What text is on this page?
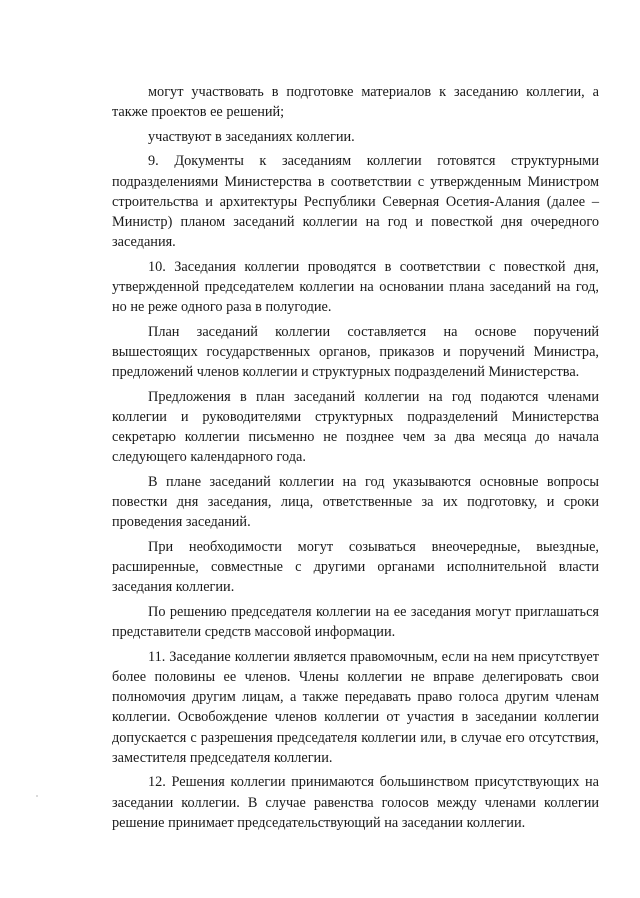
могут участвовать в подготовке материалов к заседанию коллегии, а также проектов ее решений;

участвуют в заседаниях коллегии.

9. Документы к заседаниям коллегии готовятся структурными подразделениями Министерства в соответствии с утвержденным Министром строительства и архитектуры Республики Северная Осетия-Алания (далее – Министр) планом заседаний коллегии на год и повесткой дня очередного заседания.

10. Заседания коллегии проводятся в соответствии с повесткой дня, утвержденной председателем коллегии на основании плана заседаний на год, но не реже одного раза в полугодие.

План заседаний коллегии составляется на основе поручений вышестоящих государственных органов, приказов и поручений Министра, предложений членов коллегии и структурных подразделений Министерства.

Предложения в план заседаний коллегии на год подаются членами коллегии и руководителями структурных подразделений Министерства секретарю коллегии письменно не позднее чем за два месяца до начала следующего календарного года.

В плане заседаний коллегии на год указываются основные вопросы повестки дня заседания, лица, ответственные за их подготовку, и сроки проведения заседаний.

При необходимости могут созываться внеочередные, выездные, расширенные, совместные с другими органами исполнительной власти заседания коллегии.

По решению председателя коллегии на ее заседания могут приглашаться представители средств массовой информации.

11. Заседание коллегии является правомочным, если на нем присутствует более половины ее членов. Члены коллегии не вправе делегировать свои полномочия другим лицам, а также передавать право голоса другим членам коллегии. Освобождение членов коллегии от участия в заседании коллегии допускается с разрешения председателя коллегии или, в случае его отсутствия, заместителя председателя коллегии.

12. Решения коллегии принимаются большинством присутствующих на заседании коллегии. В случае равенства голосов между членами коллегии решение принимает председательствующий на заседании коллегии.
